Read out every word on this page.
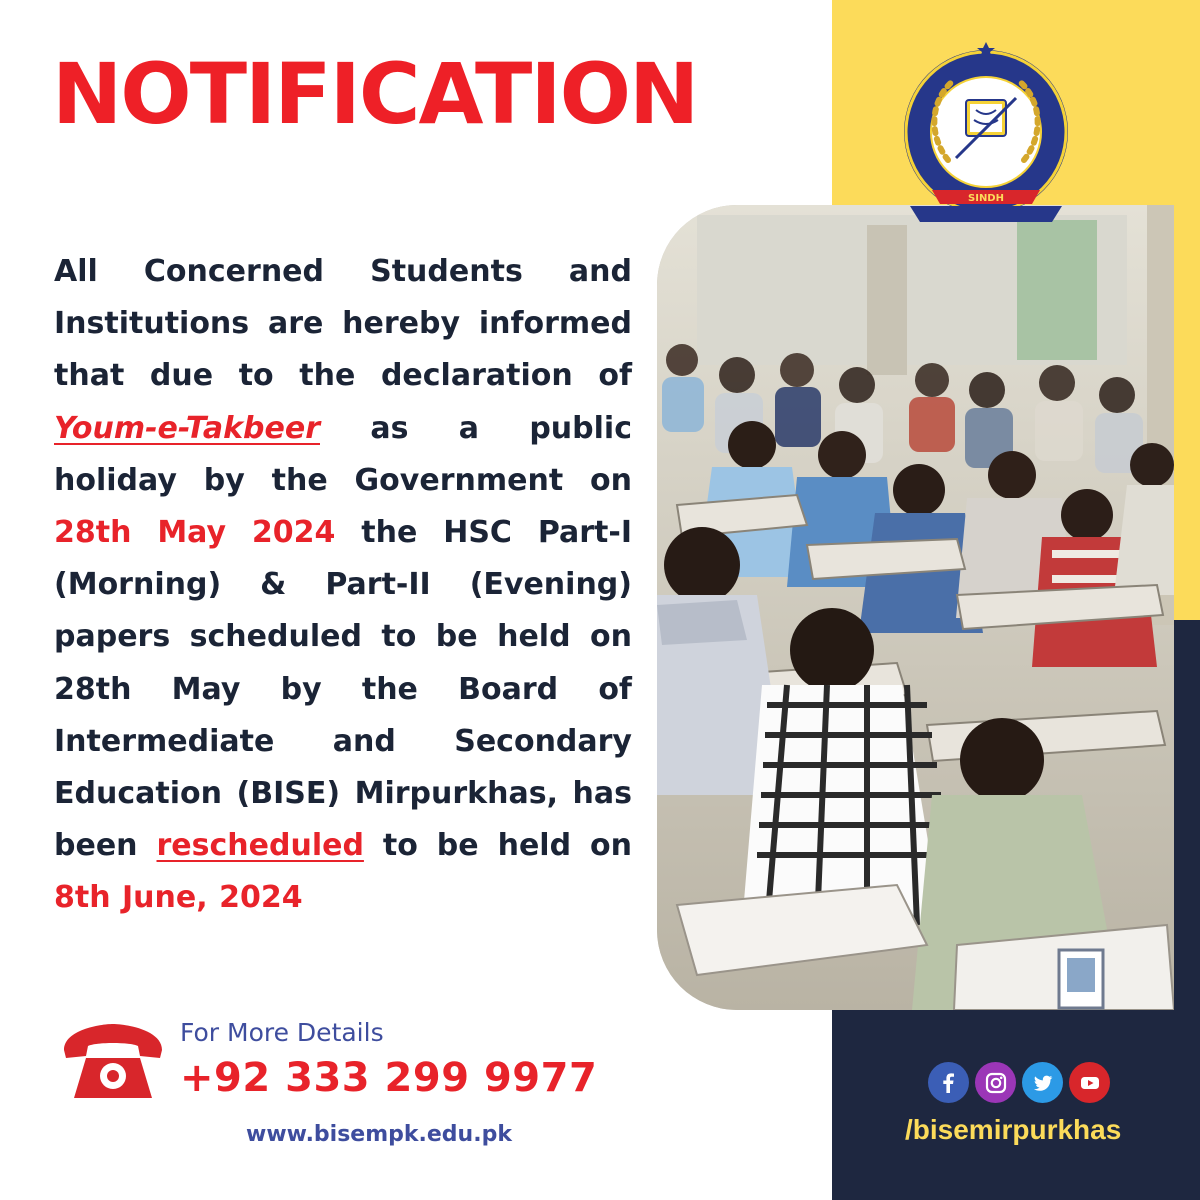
NOTIFICATION
All Concerned Students and Institutions are hereby informed that due to the declaration of Youm-e-Takbeer as a public holiday by the Government on 28th May 2024 the HSC Part-I (Morning) & Part-II (Evening) papers scheduled to be held on 28th May by the Board of Intermediate and Secondary Education (BISE) Mirpurkhas, has been rescheduled to be held on 8th June, 2024
SINDH
For More Details
+92 333 299 9977
www.bisempk.edu.pk	/bisemirpurkhas
